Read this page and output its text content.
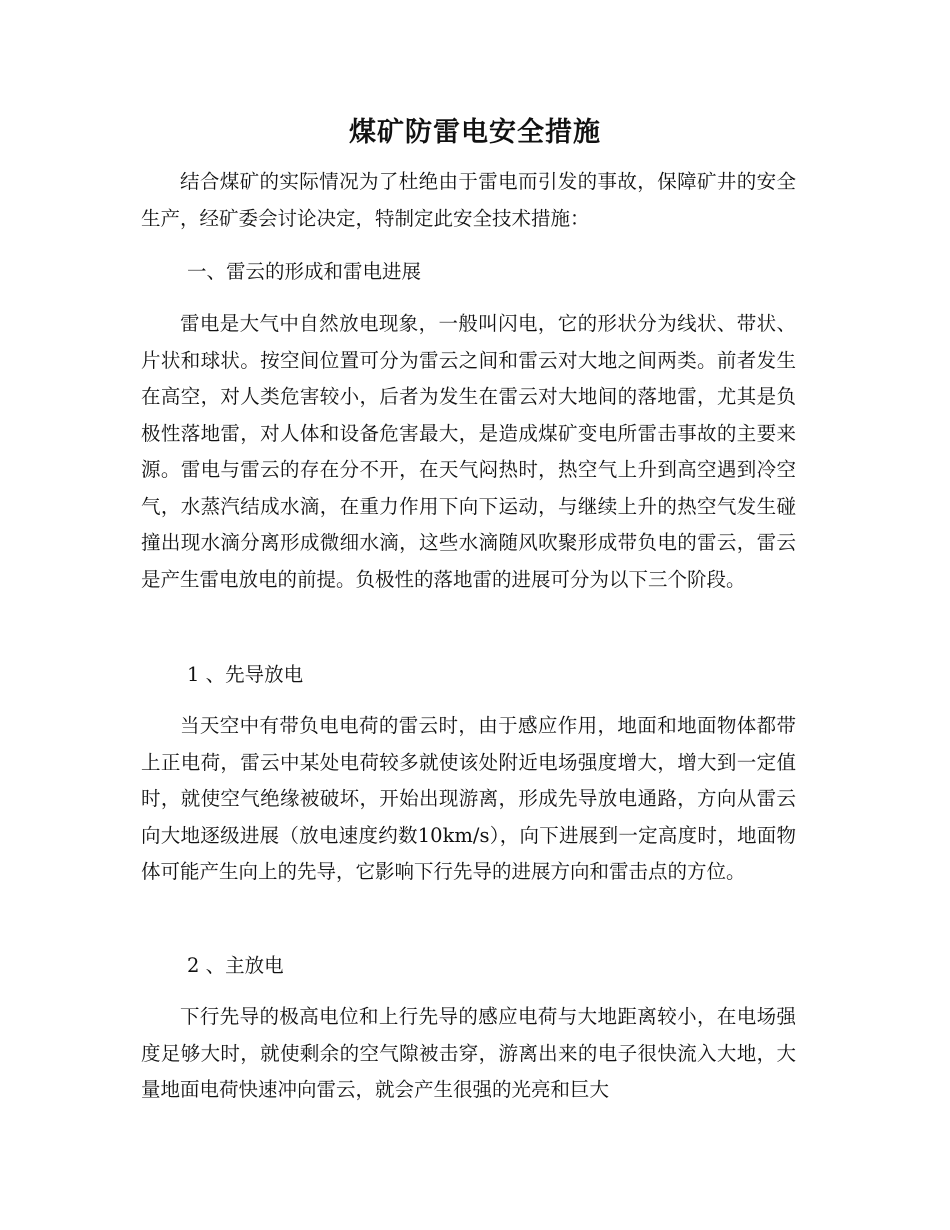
煤矿防雷电安全措施

结合煤矿的实际情况为了杜绝由于雷电而引发的事故，保障矿井的安全生产，经矿委会讨论决定，特制定此安全技术措施：

一、雷云的形成和雷电进展

雷电是大气中自然放电现象，一般叫闪电，它的形状分为线状、带状、片状和球状。按空间位置可分为雷云之间和雷云对大地之间两类。前者发生在高空，对人类危害较小，后者为发生在雷云对大地间的落地雷，尤其是负极性落地雷，对人体和设备危害最大，是造成煤矿变电所雷击事故的主要来源。雷电与雷云的存在分不开，在天气闷热时，热空气上升到高空遇到冷空气，水蒸汽结成水滴，在重力作用下向下运动，与继续上升的热空气发生碰撞出现水滴分离形成微细水滴，这些水滴随风吹聚形成带负电的雷云，雷云是产生雷电放电的前提。负极性的落地雷的进展可分为以下三个阶段。

1 、先导放电

当天空中有带负电电荷的雷云时，由于感应作用，地面和地面物体都带上正电荷，雷云中某处电荷较多就使该处附近电场强度增大，增大到一定值时，就使空气绝缘被破坏，开始出现游离，形成先导放电通路，方向从雷云向大地逐级进展（放电速度约数10km/s），向下进展到一定高度时，地面物体可能产生向上的先导，它影响下行先导的进展方向和雷击点的方位。

2 、主放电

下行先导的极高电位和上行先导的感应电荷与大地距离较小，在电场强度足够大时，就使剩余的空气隙被击穿，游离出来的电子很快流入大地，大量地面电荷快速冲向雷云，就会产生很强的光亮和巨大
